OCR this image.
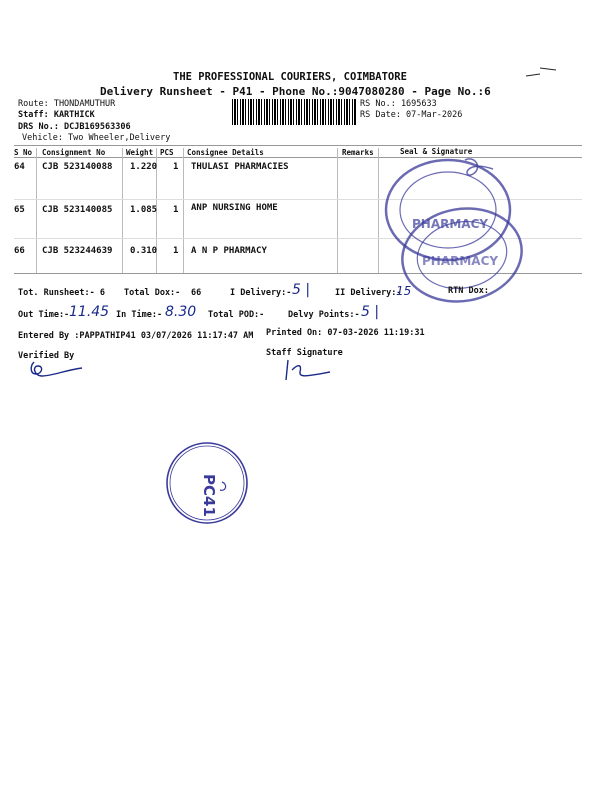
THE PROFESSIONAL COURIERS, COIMBATORE
Delivery Runsheet - P41 - Phone No.:9047080280 - Page No.:6
Route: THONDAMUTHUR
Staff: KARTHICK
DRS No.: DCJB169563306
Vehicle: Two Wheeler,Delivery
RS No.: 1695633
RS Date: 07-Mar-2026
S No Consignment No	Weight PCS Consignee Details	Remarks	Seal & Signature
64 CJB 523140088 1.220 1 THULASI PHARMACIES
65 CJB 523140085 1.085 1 ANP NURSING HOME
66 CJB 523244639 0.310 1 A N P PHARMACY
PHARMACY
PHARMACY
Tot. Runsheet:- 6 Total Dox:- 66	I Delivery:- 5 |	II Delivery:-
15	RTN Dox:
Out Time:- 11.45 In Time:- 8.30 Total POD:-	Delvy Points:- 5 |
Entered By :PAPPATHIP41 03/07/2026 11:17:47 AM Printed On: 07-03-2026 11:19:31
Verified By	Staff Signature
PC41
